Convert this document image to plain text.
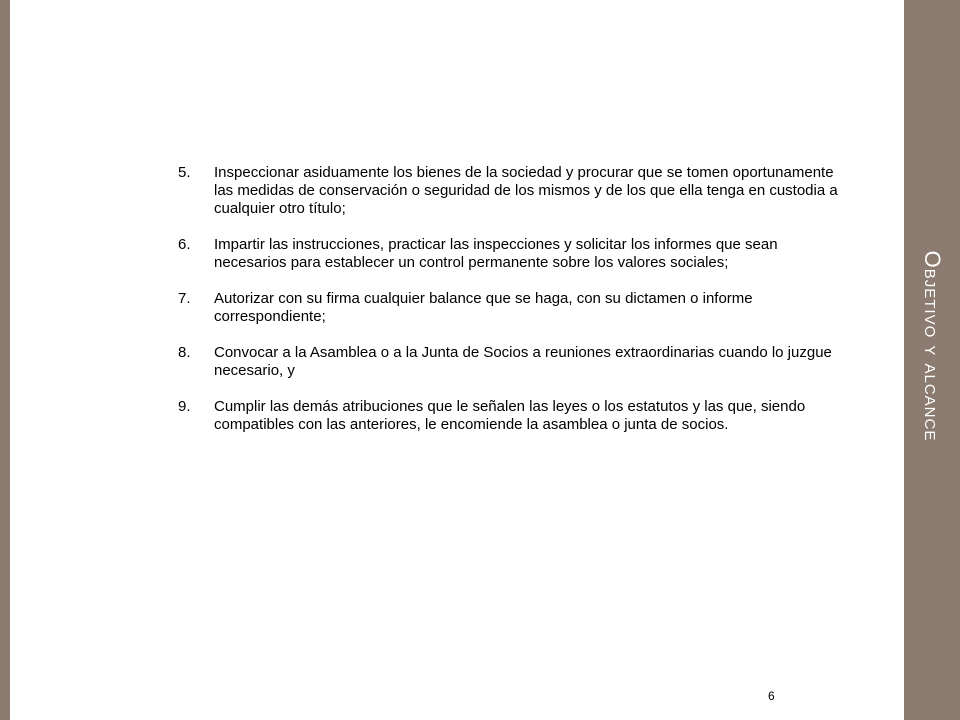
Objetivo y alcance
5. Inspeccionar asiduamente los bienes de la sociedad y procurar que se tomen oportunamente las medidas de conservación o seguridad de los mismos y de los que ella tenga en custodia a cualquier otro título;
6. Impartir las instrucciones, practicar las inspecciones y solicitar los informes que sean necesarios para establecer un control permanente sobre los valores sociales;
7. Autorizar con su firma cualquier balance que se haga, con su dictamen o informe correspondiente;
8. Convocar a la Asamblea o a la Junta de Socios a reuniones extraordinarias cuando lo juzgue necesario, y
9. Cumplir las demás atribuciones que le señalen las leyes o los estatutos y las que, siendo compatibles con las anteriores, le encomiende la asamblea o junta de socios.
6
